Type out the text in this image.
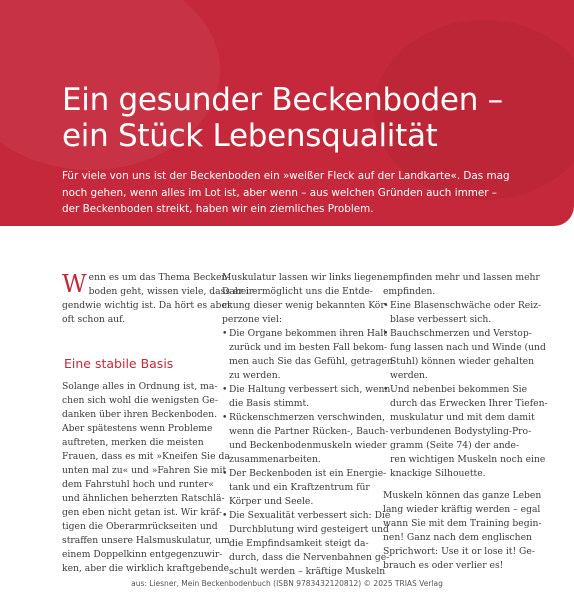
Ein gesunder Beckenboden –
ein Stück Lebensqualität

Für viele von uns ist der Beckenboden ein »weißer Fleck auf der Landkarte«. Das mag
noch gehen, wenn alles im Lot ist, aber wenn – aus welchen Gründen auch immer –
der Beckenboden streikt, haben wir ein ziemliches Problem.

W enn es um das Thema Becken-
boden geht, wissen viele, dass er ir-
gendwie wichtig ist. Da hört es aber
oft schon auf.
Eine stabile Basis
Solange alles in Ordnung ist, ma-
chen sich wohl die wenigsten Ge-
danken über ihren Beckenboden.
Aber spätestens wenn Probleme
auftreten, merken die meisten
Frauen, dass es mit »Kneifen Sie da
unten mal zu« und »Fahren Sie mit
dem Fahrstuhl hoch und runter«
und ähnlichen beherzten Ratschlä-
gen eben nicht getan ist. Wir kräf-
tigen die Oberarmrückseiten und
straffen unsere Halsmuskulatur, um
einem Doppelkinn entgegenzuwir-
ken, aber die wirklich kraftgebende
Muskulatur lassen wir links liegen.
Dabei ermöglicht uns die Entde-
ckung dieser wenig bekannten Kör-
perzone viel:
• Die Organe bekommen ihren Halt
zurück und im besten Fall bekom-
men auch Sie das Gefühl, getragen
zu werden.
• Die Haltung verbessert sich, wenn
die Basis stimmt.
• Rückenschmerzen verschwinden,
wenn die Partner Rücken-, Bauch-
und Beckenbodenmuskeln wieder
zusammenarbeiten.
• Der Beckenboden ist ein Energie-
tank und ein Kraftzentrum für
Körper und Seele.
• Die Sexualität verbessert sich: Die
Durchblutung wird gesteigert und
die Empfindsamkeit steigt da-
durch, dass die Nervenbahnen ge-
schult werden – kräftige Muskeln
empfinden mehr und lassen mehr
empfinden.
• Eine Blasenschwäche oder Reiz-
blase verbessert sich.
• Bauchschmerzen und Verstop-
fung lassen nach und Winde (und
Stuhl) können wieder gehalten
werden.
• Und nebenbei bekommen Sie
durch das Erwecken Ihrer Tiefen-
muskulatur und mit dem damit
verbundenen Bodystyling-Pro-
gramm (Seite 74) der ande-
ren wichtigen Muskeln noch eine
knackige Silhouette.
Muskeln können das ganze Leben
lang wieder kräftig werden – egal
wann Sie mit dem Training begin-
nen! Ganz nach dem englischen
Sprichwort: Use it or lose it! Ge-
brauch es oder verlier es!
aus: Liesner, Mein Beckenbodenbuch (ISBN 9783432120812) © 2025 TRIAS Verlag
